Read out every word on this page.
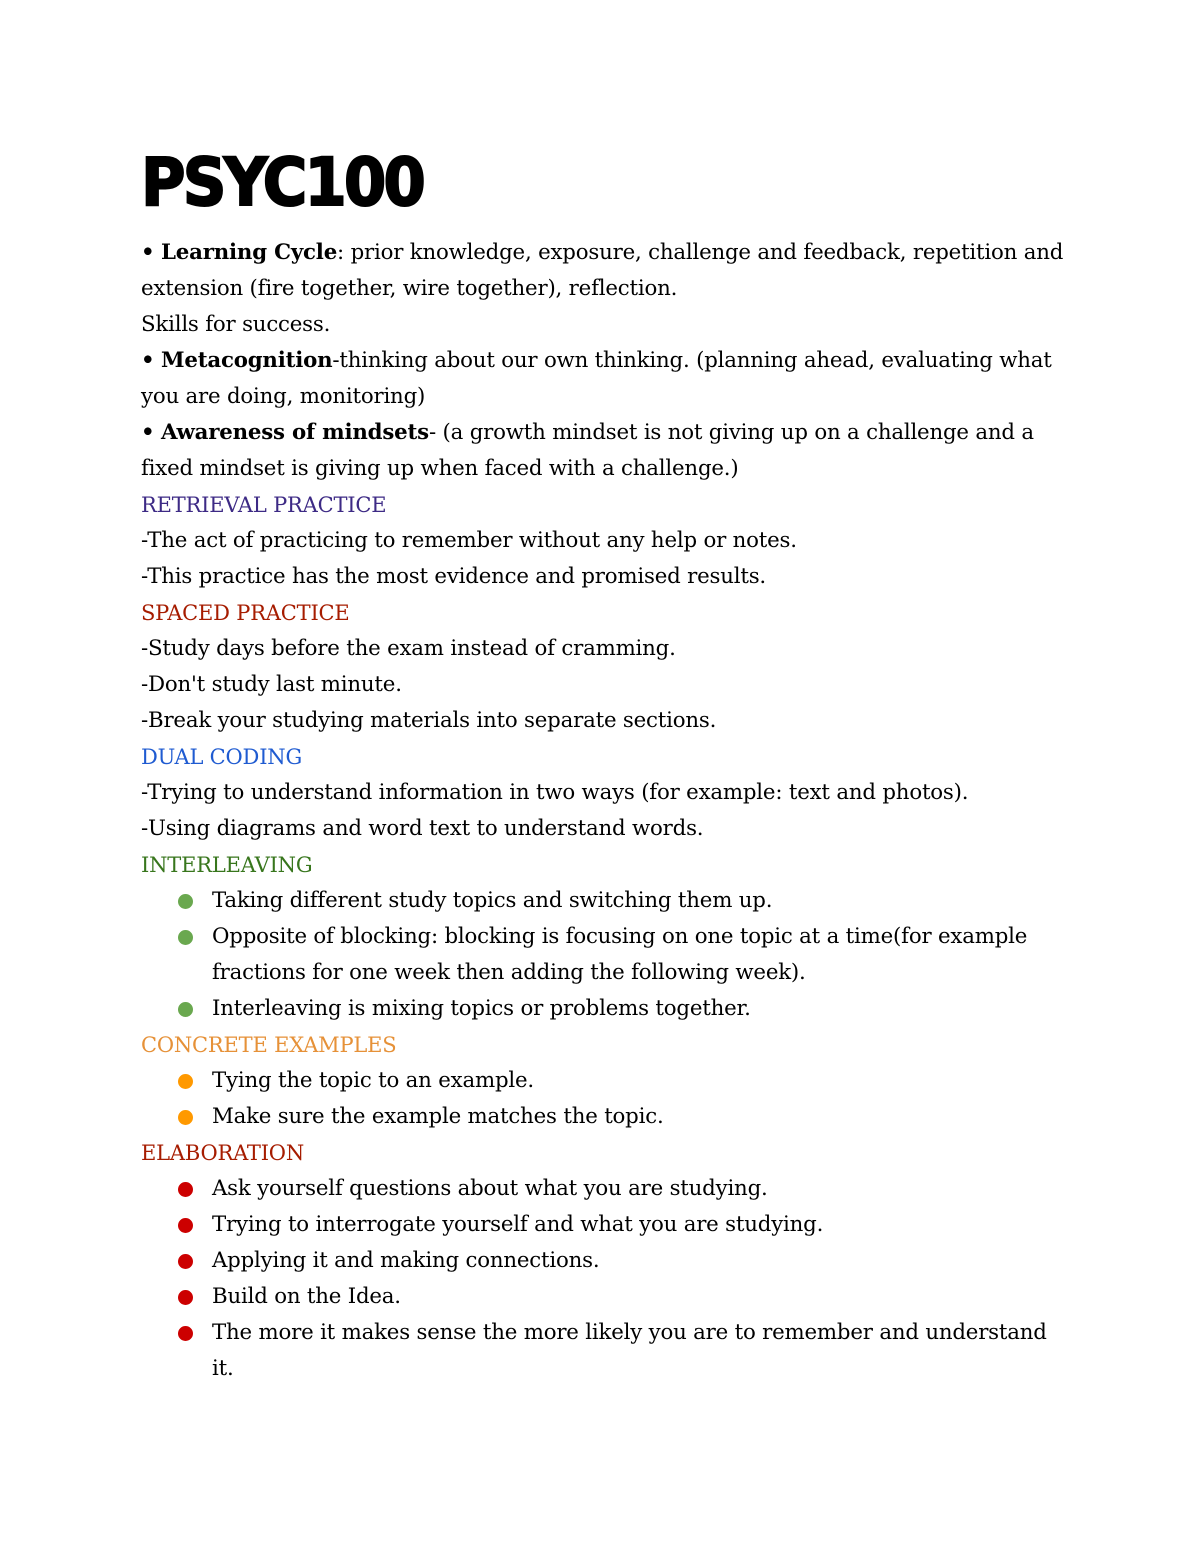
PSYC100

• Learning Cycle: prior knowledge, exposure, challenge and feedback, repetition and

extension (fire together, wire together), reflection.

Skills for success.

• Metacognition-thinking about our own thinking. (planning ahead, evaluating what

you are doing, monitoring)

• Awareness of mindsets- (a growth mindset is not giving up on a challenge and a

fixed mindset is giving up when faced with a challenge.)

RETRIEVAL PRACTICE

-The act of practicing to remember without any help or notes.

-This practice has the most evidence and promised results.

SPACED PRACTICE

-Study days before the exam instead of cramming.

-Don't study last minute.

-Break your studying materials into separate sections.

DUAL CODING

-Trying to understand information in two ways (for example: text and photos).

-Using diagrams and word text to understand words.

INTERLEAVING

Taking different study topics and switching them up.
Opposite of blocking: blocking is focusing on one topic at a time(for example
fractions for one week then adding the following week).
Interleaving is mixing topics or problems together.

CONCRETE EXAMPLES

Tying the topic to an example.
Make sure the example matches the topic.

ELABORATION

Ask yourself questions about what you are studying.
Trying to interrogate yourself and what you are studying.
Applying it and making connections.
Build on the Idea.
The more it makes sense the more likely you are to remember and understand
it.
